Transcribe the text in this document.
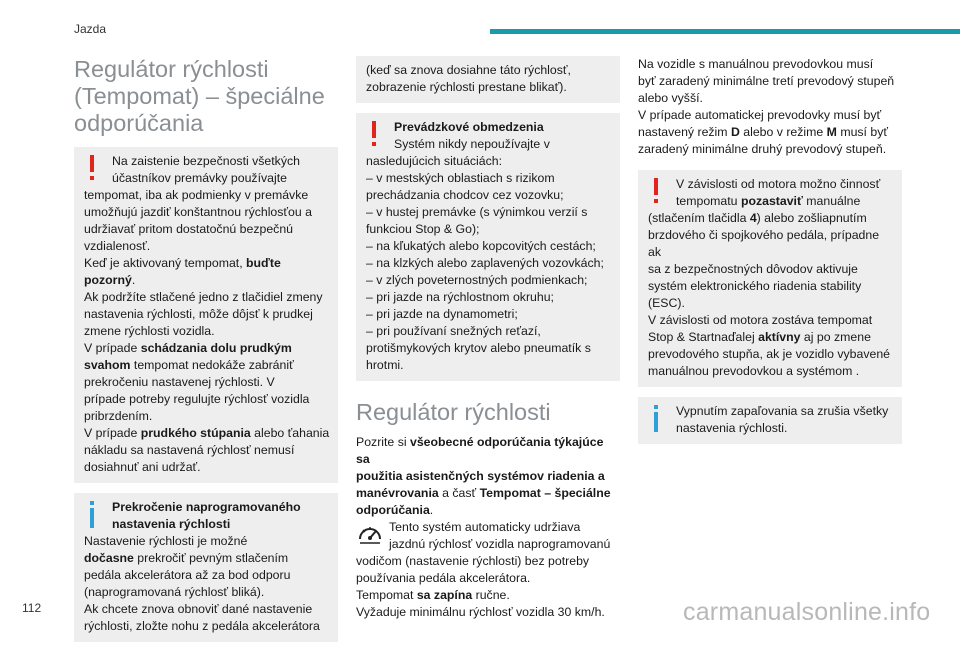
Jazda
Regulátor rýchlosti
(Tempomat) – špeciálne
odporúčania

Na zaistenie bezpečnosti všetkých
účastníkov premávky používajte
tempomat, iba ak podmienky v premávke
umožňujú jazdiť konštantnou rýchlosťou a
udržiavať pritom dostatočnú bezpečnú
vzdialenosť.
Keď je aktivovaný tempomat, buďte pozorný.
Ak podržíte stlačené jedno z tlačidiel zmeny
nastavenia rýchlosti, môže dôjsť k prudkej
zmene rýchlosti vozidla.
V prípade schádzania dolu prudkým
svahom tempomat nedokáže zabrániť
prekročeniu nastavenej rýchlosti. V
prípade potreby regulujte rýchlosť vozidla
pribrzdením.
V prípade prudkého stúpania alebo ťahania
nákladu sa nastavená rýchlosť nemusí
dosiahnuť ani udržať.

Prekročenie naprogramovaného
nastavenia rýchlosti
Nastavenie rýchlosti je možné
dočasne prekročiť pevným stlačením
pedála akcelerátora až za bod odporu
(naprogramovaná rýchlosť bliká).
Ak chcete znova obnoviť dané nastavenie
rýchlosti, zložte nohu z pedála akcelerátora

(keď sa znova dosiahne táto rýchlosť,
zobrazenie rýchlosti prestane blikať).

Prevádzkové obmedzenia
Systém nikdy nepoužívajte v
nasledujúcich situáciách:
– v mestských oblastiach s rizikom
prechádzania chodcov cez vozovku;
– v hustej premávke (s výnimkou verzií s
funkciou Stop & Go);
– na kľukatých alebo kopcovitých cestách;
– na klzkých alebo zaplavených vozovkách;
– v zlých poveternostných podmienkach;
– pri jazde na rýchlostnom okruhu;
– pri jazde na dynamometri;
– pri používaní snežných reťazí,
protišmykových krytov alebo pneumatík s
hrotmi.

Regulátor rýchlosti

Pozrite si všeobecné odporúčania týkajúce sa
použitia asistenčných systémov riadenia a
manévrovania a časť Tempomat – špeciálne
odporúčania.

Tento systém automaticky udržiava
jazdnú rýchlosť vozidla naprogramovanú
vodičom (nastavenie rýchlosti) bez potreby
používania pedála akcelerátora.
Tempomat sa zapína ručne.
Vyžaduje minimálnu rýchlosť vozidla 30 km/h.

Na vozidle s manuálnou prevodovkou musí
byť zaradený minimálne tretí prevodový stupeň
alebo vyšší.
V prípade automatickej prevodovky musí byť
nastavený režim D alebo v režime M musí byť
zaradený minimálne druhý prevodový stupeň.

V závislosti od motora možno činnosť
tempomatu pozastaviť manuálne
(stlačením tlačidla 4) alebo zošliapnutím
brzdového či spojkového pedála, prípadne ak
sa z bezpečnostných dôvodov aktivuje
systém elektronického riadenia stability
(ESC).
V závislosti od motora zostáva tempomat
Stop & Startnaďalej aktívny aj po zmene
prevodového stupňa, ak je vozidlo vybavené
manuálnou prevodovkou a systémom .

Vypnutím zapaľovania sa zrušia všetky
nastavenia rýchlosti.

112	carmanualsonline.info
